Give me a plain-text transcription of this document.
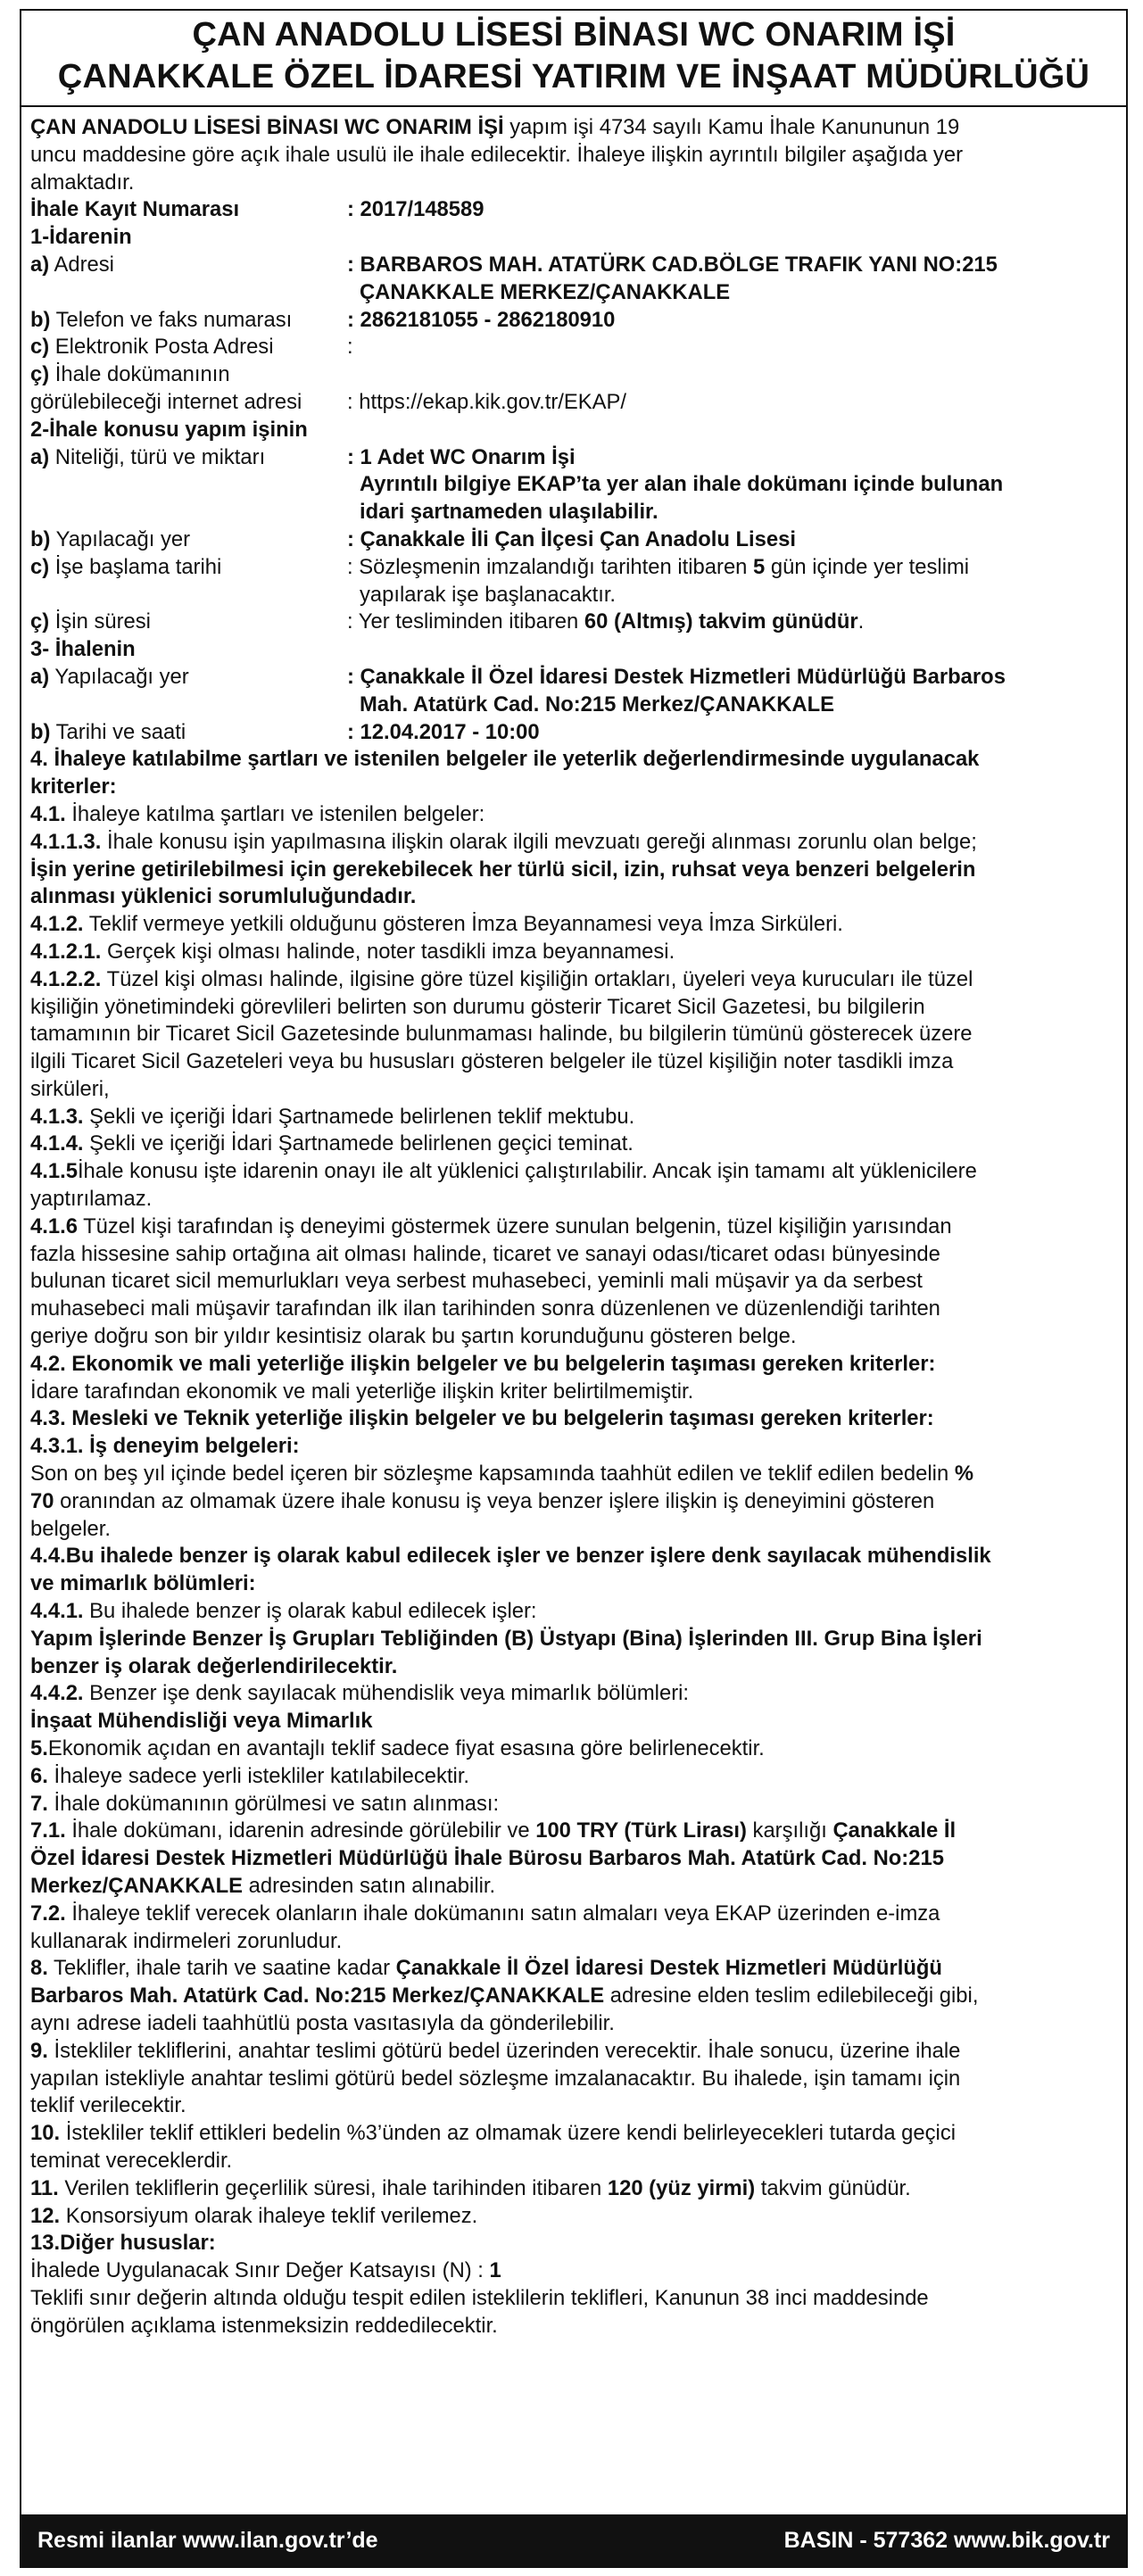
ÇAN ANADOLU LİSESİ BİNASI WC ONARIM İŞİ
ÇANAKKALE ÖZEL İDARESİ YATIRIM VE İNŞAAT MÜDÜRLÜĞÜ

ÇAN ANADOLU LİSESİ BİNASI WC ONARIM İŞİ yapım işi 4734 sayılı Kamu İhale Kanununun 19

uncu maddesine göre açık ihale usulü ile ihale edilecektir. İhaleye ilişkin ayrıntılı bilgiler aşağıda yer

almaktadır.

İhale Kayıt Numarası	: 2017/148589

1-İdarenin

a) Adresi	: BARBAROS MAH. ATATÜRK CAD.BÖLGE TRAFIK YANI NO:215

ÇANAKKALE MERKEZ/ÇANAKKALE

b) Telefon ve faks numarası	: 2862181055 - 2862180910
c) Elektronik Posta Adresi	:

ç) İhale dokümanının

görülebileceği internet adresi	: https://ekap.kik.gov.tr/EKAP/

2-İhale konusu yapım işinin

a) Niteliği, türü ve miktarı	: 1 Adet WC Onarım İşi

Ayrıntılı bilgiye EKAP’ta yer alan ihale dokümanı içinde bulunan

idari şartnameden ulaşılabilir.

b) Yapılacağı yer	: Çanakkale İli Çan İlçesi Çan Anadolu Lisesi
c) İşe başlama tarihi	: Sözleşmenin imzalandığı tarihten itibaren 5 gün içinde yer teslimi

yapılarak işe başlanacaktır.

ç) İşin süresi	: Yer tesliminden itibaren 60 (Altmış) takvim günüdür.

3- İhalenin

a) Yapılacağı yer	: Çanakkale İl Özel İdaresi Destek Hizmetleri Müdürlüğü Barbaros

Mah. Atatürk Cad. No:215 Merkez/ÇANAKKALE

b) Tarihi ve saati	: 12.04.2017 - 10:00

4. İhaleye katılabilme şartları ve istenilen belgeler ile yeterlik değerlendirmesinde uygulanacak

kriterler:

4.1. İhaleye katılma şartları ve istenilen belgeler:

4.1.1.3. İhale konusu işin yapılmasına ilişkin olarak ilgili mevzuatı gereği alınması zorunlu olan belge;

İşin yerine getirilebilmesi için gerekebilecek her türlü sicil, izin, ruhsat veya benzeri belgelerin

alınması yüklenici sorumluluğundadır.

4.1.2. Teklif vermeye yetkili olduğunu gösteren İmza Beyannamesi veya İmza Sirküleri.

4.1.2.1. Gerçek kişi olması halinde, noter tasdikli imza beyannamesi.

4.1.2.2. Tüzel kişi olması halinde, ilgisine göre tüzel kişiliğin ortakları, üyeleri veya kurucuları ile tüzel

kişiliğin yönetimindeki görevlileri belirten son durumu gösterir Ticaret Sicil Gazetesi, bu bilgilerin

tamamının bir Ticaret Sicil Gazetesinde bulunmaması halinde, bu bilgilerin tümünü gösterecek üzere

ilgili Ticaret Sicil Gazeteleri veya bu hususları gösteren belgeler ile tüzel kişiliğin noter tasdikli imza

sirküleri,

4.1.3. Şekli ve içeriği İdari Şartnamede belirlenen teklif mektubu.

4.1.4. Şekli ve içeriği İdari Şartnamede belirlenen geçici teminat.

4.1.5İhale konusu işte idarenin onayı ile alt yüklenici çalıştırılabilir. Ancak işin tamamı alt yüklenicilere

yaptırılamaz.

4.1.6 Tüzel kişi tarafından iş deneyimi göstermek üzere sunulan belgenin, tüzel kişiliğin yarısından

fazla hissesine sahip ortağına ait olması halinde, ticaret ve sanayi odası/ticaret odası bünyesinde

bulunan ticaret sicil memurlukları veya serbest muhasebeci, yeminli mali müşavir ya da serbest

muhasebeci mali müşavir tarafından ilk ilan tarihinden sonra düzenlenen ve düzenlendiği tarihten

geriye doğru son bir yıldır kesintisiz olarak bu şartın korunduğunu gösteren belge.

4.2. Ekonomik ve mali yeterliğe ilişkin belgeler ve bu belgelerin taşıması gereken kriterler:

İdare tarafından ekonomik ve mali yeterliğe ilişkin kriter belirtilmemiştir.

4.3. Mesleki ve Teknik yeterliğe ilişkin belgeler ve bu belgelerin taşıması gereken kriterler:

4.3.1. İş deneyim belgeleri:

Son on beş yıl içinde bedel içeren bir sözleşme kapsamında taahhüt edilen ve teklif edilen bedelin %

70 oranından az olmamak üzere ihale konusu iş veya benzer işlere ilişkin iş deneyimini gösteren

belgeler.

4.4.Bu ihalede benzer iş olarak kabul edilecek işler ve benzer işlere denk sayılacak mühendislik

ve mimarlık bölümleri:

4.4.1. Bu ihalede benzer iş olarak kabul edilecek işler:

Yapım İşlerinde Benzer İş Grupları Tebliğinden (B) Üstyapı (Bina) İşlerinden III. Grup Bina İşleri

benzer iş olarak değerlendirilecektir.

4.4.2. Benzer işe denk sayılacak mühendislik veya mimarlık bölümleri:

İnşaat Mühendisliği veya Mimarlık

5.Ekonomik açıdan en avantajlı teklif sadece fiyat esasına göre belirlenecektir.

6. İhaleye sadece yerli istekliler katılabilecektir.

7. İhale dokümanının görülmesi ve satın alınması:

7.1. İhale dokümanı, idarenin adresinde görülebilir ve 100 TRY (Türk Lirası) karşılığı Çanakkale İl

Özel İdaresi Destek Hizmetleri Müdürlüğü İhale Bürosu Barbaros Mah. Atatürk Cad. No:215

Merkez/ÇANAKKALE adresinden satın alınabilir.

7.2. İhaleye teklif verecek olanların ihale dokümanını satın almaları veya EKAP üzerinden e-imza

kullanarak indirmeleri zorunludur.

8. Teklifler, ihale tarih ve saatine kadar Çanakkale İl Özel İdaresi Destek Hizmetleri Müdürlüğü

Barbaros Mah. Atatürk Cad. No:215 Merkez/ÇANAKKALE adresine elden teslim edilebileceği gibi,

aynı adrese iadeli taahhütlü posta vasıtasıyla da gönderilebilir.

9. İstekliler tekliflerini, anahtar teslimi götürü bedel üzerinden verecektir. İhale sonucu, üzerine ihale

yapılan istekliyle anahtar teslimi götürü bedel sözleşme imzalanacaktır. Bu ihalede, işin tamamı için

teklif verilecektir.

10. İstekliler teklif ettikleri bedelin %3’ünden az olmamak üzere kendi belirleyecekleri tutarda geçici

teminat vereceklerdir.

11. Verilen tekliflerin geçerlilik süresi, ihale tarihinden itibaren 120 (yüz yirmi) takvim günüdür.

12. Konsorsiyum olarak ihaleye teklif verilemez.

13.Diğer hususlar:

İhalede Uygulanacak Sınır Değer Katsayısı (N) : 1

Teklifi sınır değerin altında olduğu tespit edilen isteklilerin teklifleri, Kanunun 38 inci maddesinde

öngörülen açıklama istenmeksizin reddedilecektir.

Resmi ilanlar www.ilan.gov.tr’de	BASIN - 577362 www.bik.gov.tr
